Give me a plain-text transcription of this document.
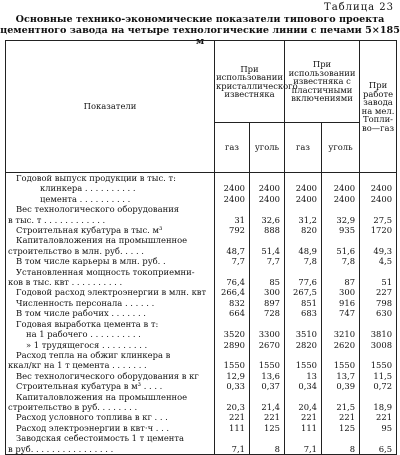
Таблица 23
Основные технико-экономические показатели типового проекта
цементного завода на четыре технологические линии с печами 5×185 м
Показатели	При использовании кристаллического известняка		При использовании известняка с пластичными включениями		При работе завода на мел. Топли-во—газ
	газ	уголь	газ	уголь	
Годовой выпуск продукции в тыс. т:					
клинкера . . . . . . . . . .	2400	2400	2400	2400	2400
цемента . . . . . . . . . .	2400	2400	2400	2400	2400
Вес технологического оборудования					
в тыс. т . . . . . . . . . . . .	31	32,6	31,2	32,9	27,5
Строительная кубатура в тыс. м³	792	888	820	935	1720
Капиталовложения на промышленное					
строительство в млн. руб. . . . .	48,7	51,4	48,9	51,6	49,3
В том числе карьеры в млн. руб. .	7,7	7,7	7,8	7,8	4,5
Установленная мощность токоприемни-					
ков в тыс. квт . . . . . . . . . .	76,4	85	77,6	87	51
Годовой расход электроэнергии в млн. квт	266,4	300	267,5	300	227
Численность персонала . . . . . .	832	897	851	916	798
В том числе рабочих . . . . . . .	664	728	683	747	630
Годовая выработка цемента в т:					
на 1 рабочего . . . . . . . . . .	3520	3300	3510	3210	3810
» 1 трудящегося . . . . . . . . .	2890	2670	2820	2620	3008
Расход тепла на обжиг клинкера в					
ккал/кг на 1 т цемента . . . . . . .	1550	1550	1550	1550	1550
Вес технологического оборудования в кг	12,9	13,6	13	13,7	11,5
Строительная кубатура в м³ . . . .	0,33	0,37	0,34	0,39	0,72
Капиталовложения на промышленное					
строительство в руб. . . . . . . .	20,3	21,4	20,4	21,5	18,9
Расход условного топлива в кг . . .	221	221	221	221	221
Расход электроэнергии в квт·ч . . .	111	125	111	125	95
Заводская себестоимость 1 т цемента					
в руб. . . . . . . . . . . . . . . .	7,1	8	7,1	8	6,5
